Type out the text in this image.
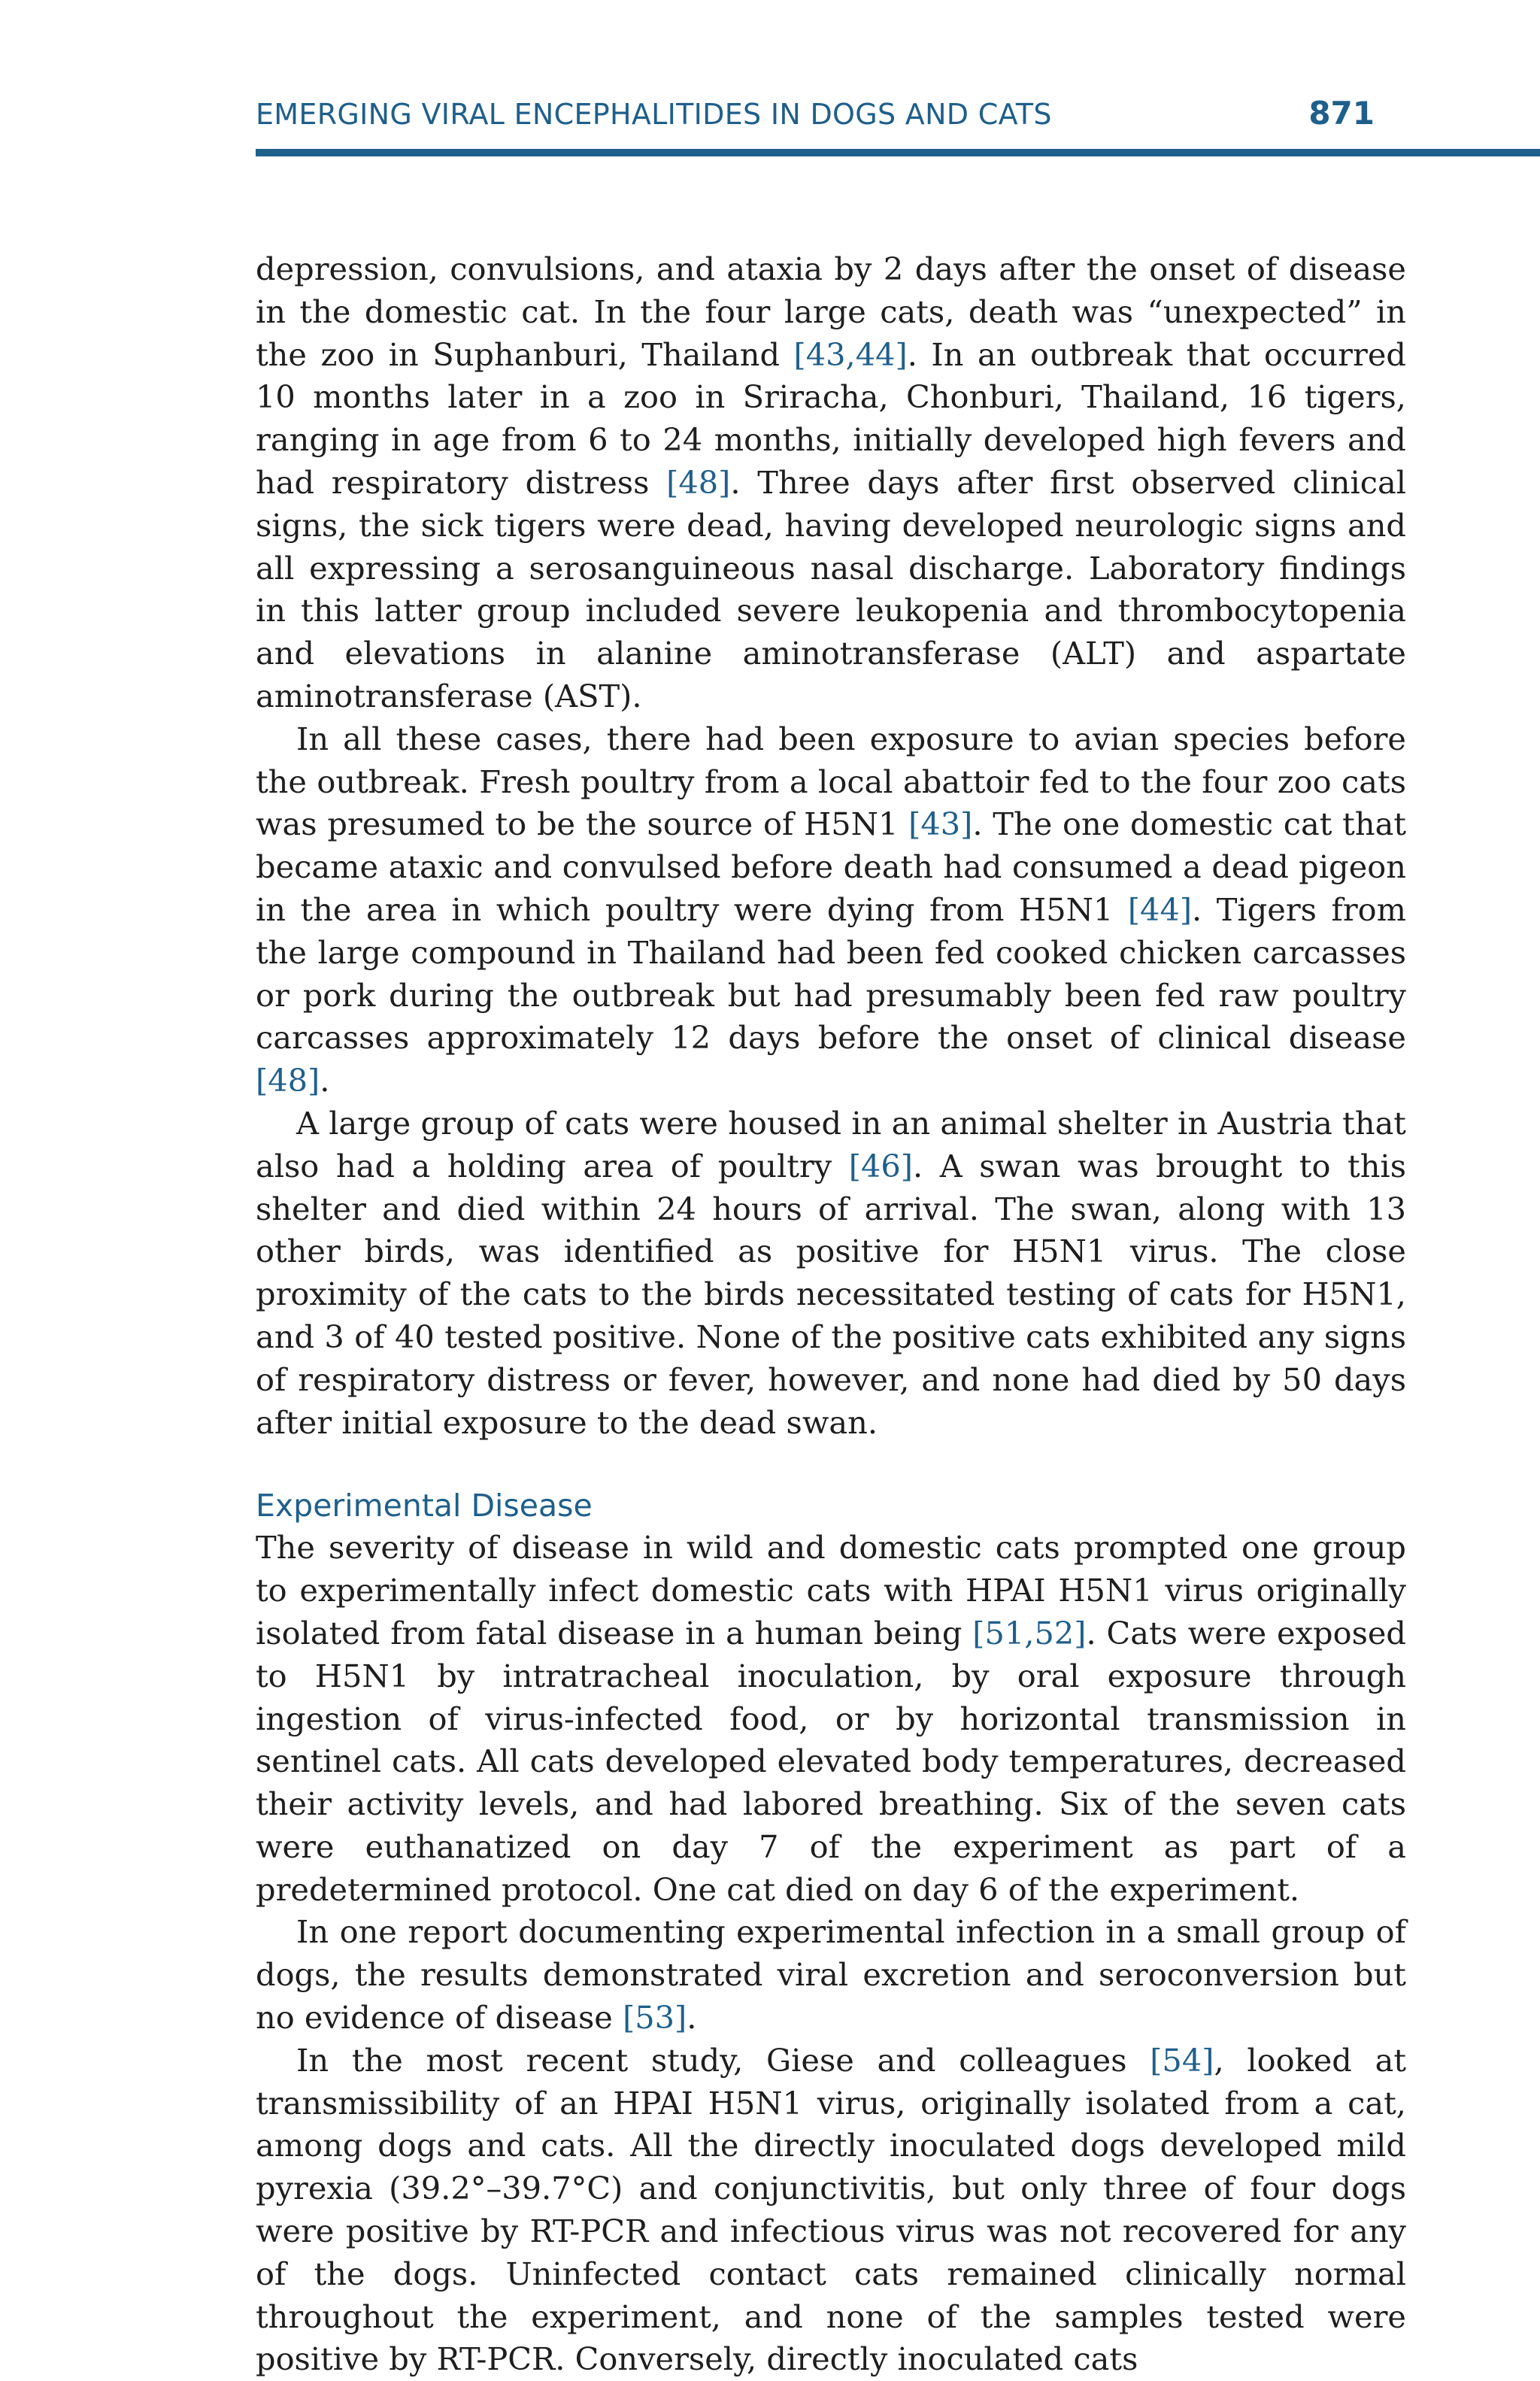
EMERGING VIRAL ENCEPHALITIDES IN DOGS AND CATS	871

depression, convulsions, and ataxia by 2 days after the onset of disease in the domestic cat. In the four large cats, death was “unexpected” in the zoo in Suphanburi, Thailand [43,44]. In an outbreak that occurred 10 months later in a zoo in Sriracha, Chonburi, Thailand, 16 tigers, ranging in age from 6 to 24 months, initially developed high fevers and had respiratory distress [48]. Three days after first observed clinical signs, the sick tigers were dead, having developed neurologic signs and all expressing a serosanguineous nasal discharge. Laboratory findings in this latter group included severe leukopenia and thrombocytopenia and elevations in alanine aminotransferase (ALT) and aspartate aminotransferase (AST).

In all these cases, there had been exposure to avian species before the outbreak. Fresh poultry from a local abattoir fed to the four zoo cats was presumed to be the source of H5N1 [43]. The one domestic cat that became ataxic and convulsed before death had consumed a dead pigeon in the area in which poultry were dying from H5N1 [44]. Tigers from the large compound in Thailand had been fed cooked chicken carcasses or pork during the outbreak but had presumably been fed raw poultry carcasses approximately 12 days before the onset of clinical disease [48].

A large group of cats were housed in an animal shelter in Austria that also had a holding area of poultry [46]. A swan was brought to this shelter and died within 24 hours of arrival. The swan, along with 13 other birds, was identified as positive for H5N1 virus. The close proximity of the cats to the birds necessitated testing of cats for H5N1, and 3 of 40 tested positive. None of the positive cats exhibited any signs of respiratory distress or fever, however, and none had died by 50 days after initial exposure to the dead swan.

Experimental Disease

The severity of disease in wild and domestic cats prompted one group to experimentally infect domestic cats with HPAI H5N1 virus originally isolated from fatal disease in a human being [51,52]. Cats were exposed to H5N1 by intratracheal inoculation, by oral exposure through ingestion of virus-infected food, or by horizontal transmission in sentinel cats. All cats developed elevated body temperatures, decreased their activity levels, and had labored breathing. Six of the seven cats were euthanatized on day 7 of the experiment as part of a predetermined protocol. One cat died on day 6 of the experiment.

In one report documenting experimental infection in a small group of dogs, the results demonstrated viral excretion and seroconversion but no evidence of disease [53].

In the most recent study, Giese and colleagues [54], looked at transmissibility of an HPAI H5N1 virus, originally isolated from a cat, among dogs and cats. All the directly inoculated dogs developed mild pyrexia (39.2°–39.7°C) and conjunctivitis, but only three of four dogs were positive by RT-PCR and infectious virus was not recovered for any of the dogs. Uninfected contact cats remained clinically normal throughout the experiment, and none of the samples tested were positive by RT-PCR. Conversely, directly inoculated cats
